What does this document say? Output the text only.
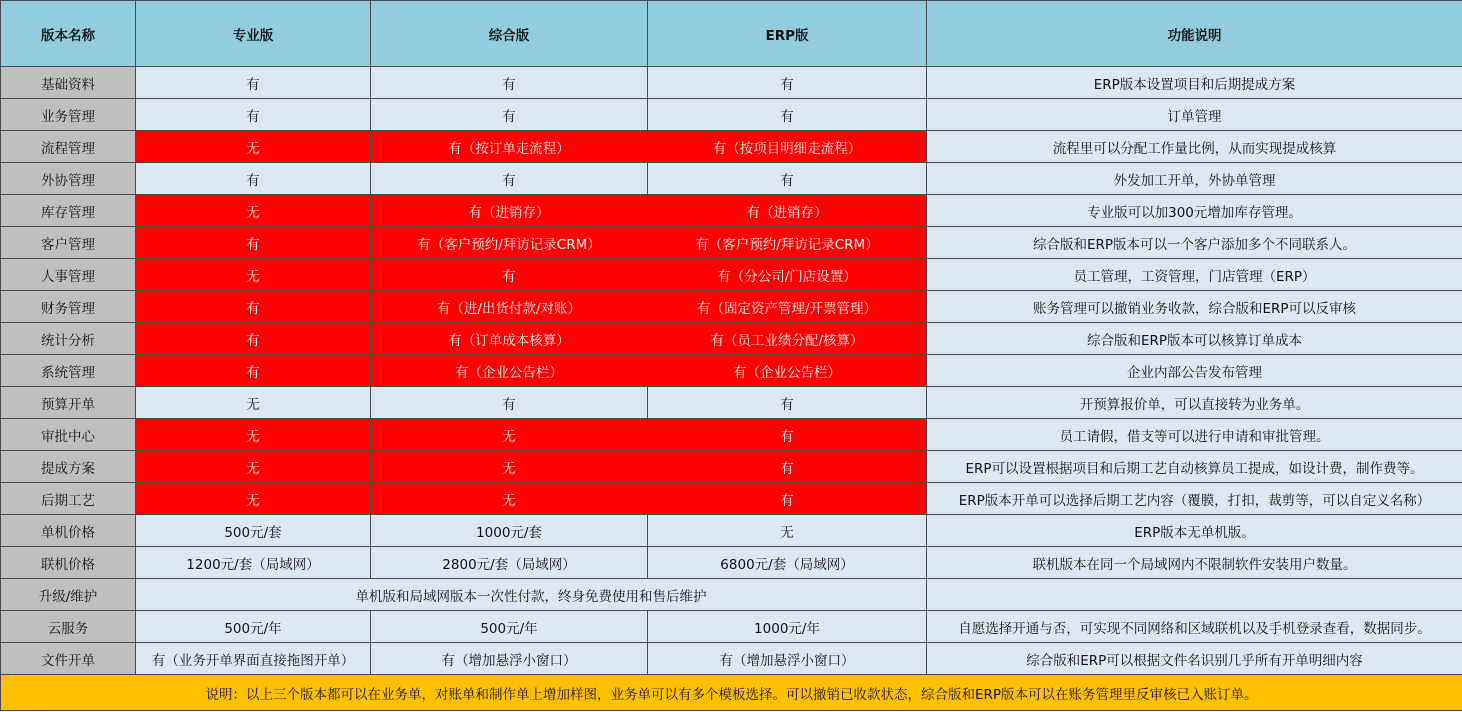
版本名称	专业版	综合版	ERP版	功能说明
基础资料	有	有	有	ERP版本设置项目和后期提成方案
业务管理	有	有	有	订单管理
流程管理	无	有（按订单走流程）	有（按项目明细走流程）	流程里可以分配工作量比例，从而实现提成核算
外协管理	有	有	有	外发加工开单，外协单管理
库存管理	无	有（进销存）	有（进销存）	专业版可以加300元增加库存管理。
客户管理	有	有（客户预约/拜访记录CRM）	有（客户预约/拜访记录CRM）	综合版和ERP版本可以一个客户添加多个不同联系人。
人事管理	无	有	有（分公司/门店设置）	员工管理，工资管理，门店管理（ERP）
财务管理	有	有（进/出货付款/对账）	有（固定资产管理/开票管理）	账务管理可以撤销业务收款，综合版和ERP可以反审核
统计分析	有	有（订单成本核算）	有（员工业绩分配/核算）	综合版和ERP版本可以核算订单成本
系统管理	有	有（企业公告栏）	有（企业公告栏）	企业内部公告发布管理
预算开单	无	有	有	开预算报价单，可以直接转为业务单。
审批中心	无	无	有	员工请假，借支等可以进行申请和审批管理。
提成方案	无	无	有	ERP可以设置根据项目和后期工艺自动核算员工提成，如设计费，制作费等。
后期工艺	无	无	有	ERP版本开单可以选择后期工艺内容（覆膜，打扣，裁剪等，可以自定义名称）
单机价格	500元/套	1000元/套	无	ERP版本无单机版。
联机价格	1200元/套（局域网）	2800元/套（局域网）	6800元/套（局域网）	联机版本在同一个局域网内不限制软件安装用户数量。
升级/维护	单机版和局域网版本一次性付款，终身免费使用和售后维护			
云服务	500元/年	500元/年	1000元/年	自愿选择开通与否，可实现不同网络和区域联机以及手机登录查看，数据同步。
文件开单	有（业务开单界面直接拖图开单）	有（增加悬浮小窗口）	有（增加悬浮小窗口）	综合版和ERP可以根据文件名识别几乎所有开单明细内容
说明：以上三个版本都可以在业务单，对账单和制作单上增加样图，业务单可以有多个模板选择。可以撤销已收款状态，综合版和ERP版本可以在账务管理里反审核已入账订单。				
